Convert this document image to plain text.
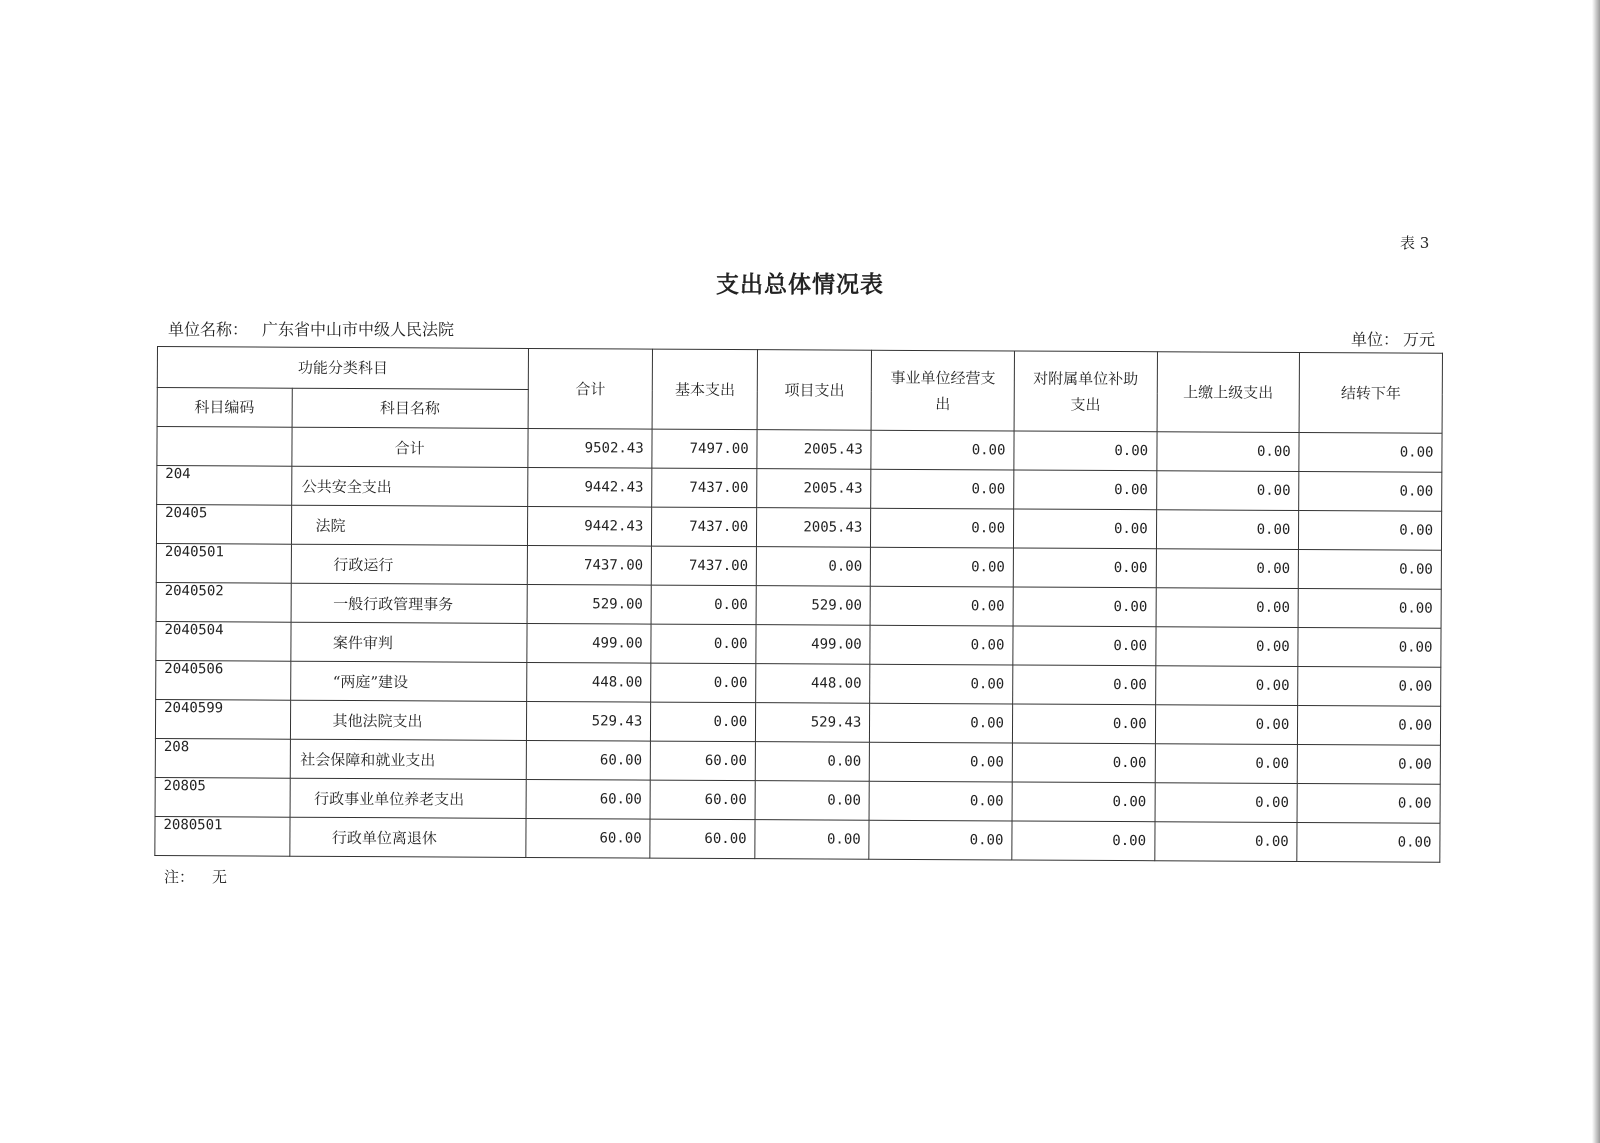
表 3
支出总体情况表
单位名称： 广东省中山市中级人民法院
单位： 万元
功能分类科目		合计	基本支出	项目支出	事业单位经营支出	对附属单位补助支出	上缴上级支出	结转下年
科目编码	科目名称							
	合计	9502.43	7497.00	2005.43	0.00	0.00	0.00	0.00
204	公共安全支出	9442.43	7437.00	2005.43	0.00	0.00	0.00	0.00
20405	法院	9442.43	7437.00	2005.43	0.00	0.00	0.00	0.00
2040501	行政运行	7437.00	7437.00	0.00	0.00	0.00	0.00	0.00
2040502	一般行政管理事务	529.00	0.00	529.00	0.00	0.00	0.00	0.00
2040504	案件审判	499.00	0.00	499.00	0.00	0.00	0.00	0.00
2040506	“两庭”建设	448.00	0.00	448.00	0.00	0.00	0.00	0.00
2040599	其他法院支出	529.43	0.00	529.43	0.00	0.00	0.00	0.00
208	社会保障和就业支出	60.00	60.00	0.00	0.00	0.00	0.00	0.00
20805	行政事业单位养老支出	60.00	60.00	0.00	0.00	0.00	0.00	0.00
2080501	行政单位离退休	60.00	60.00	0.00	0.00	0.00	0.00	0.00
注： 无
